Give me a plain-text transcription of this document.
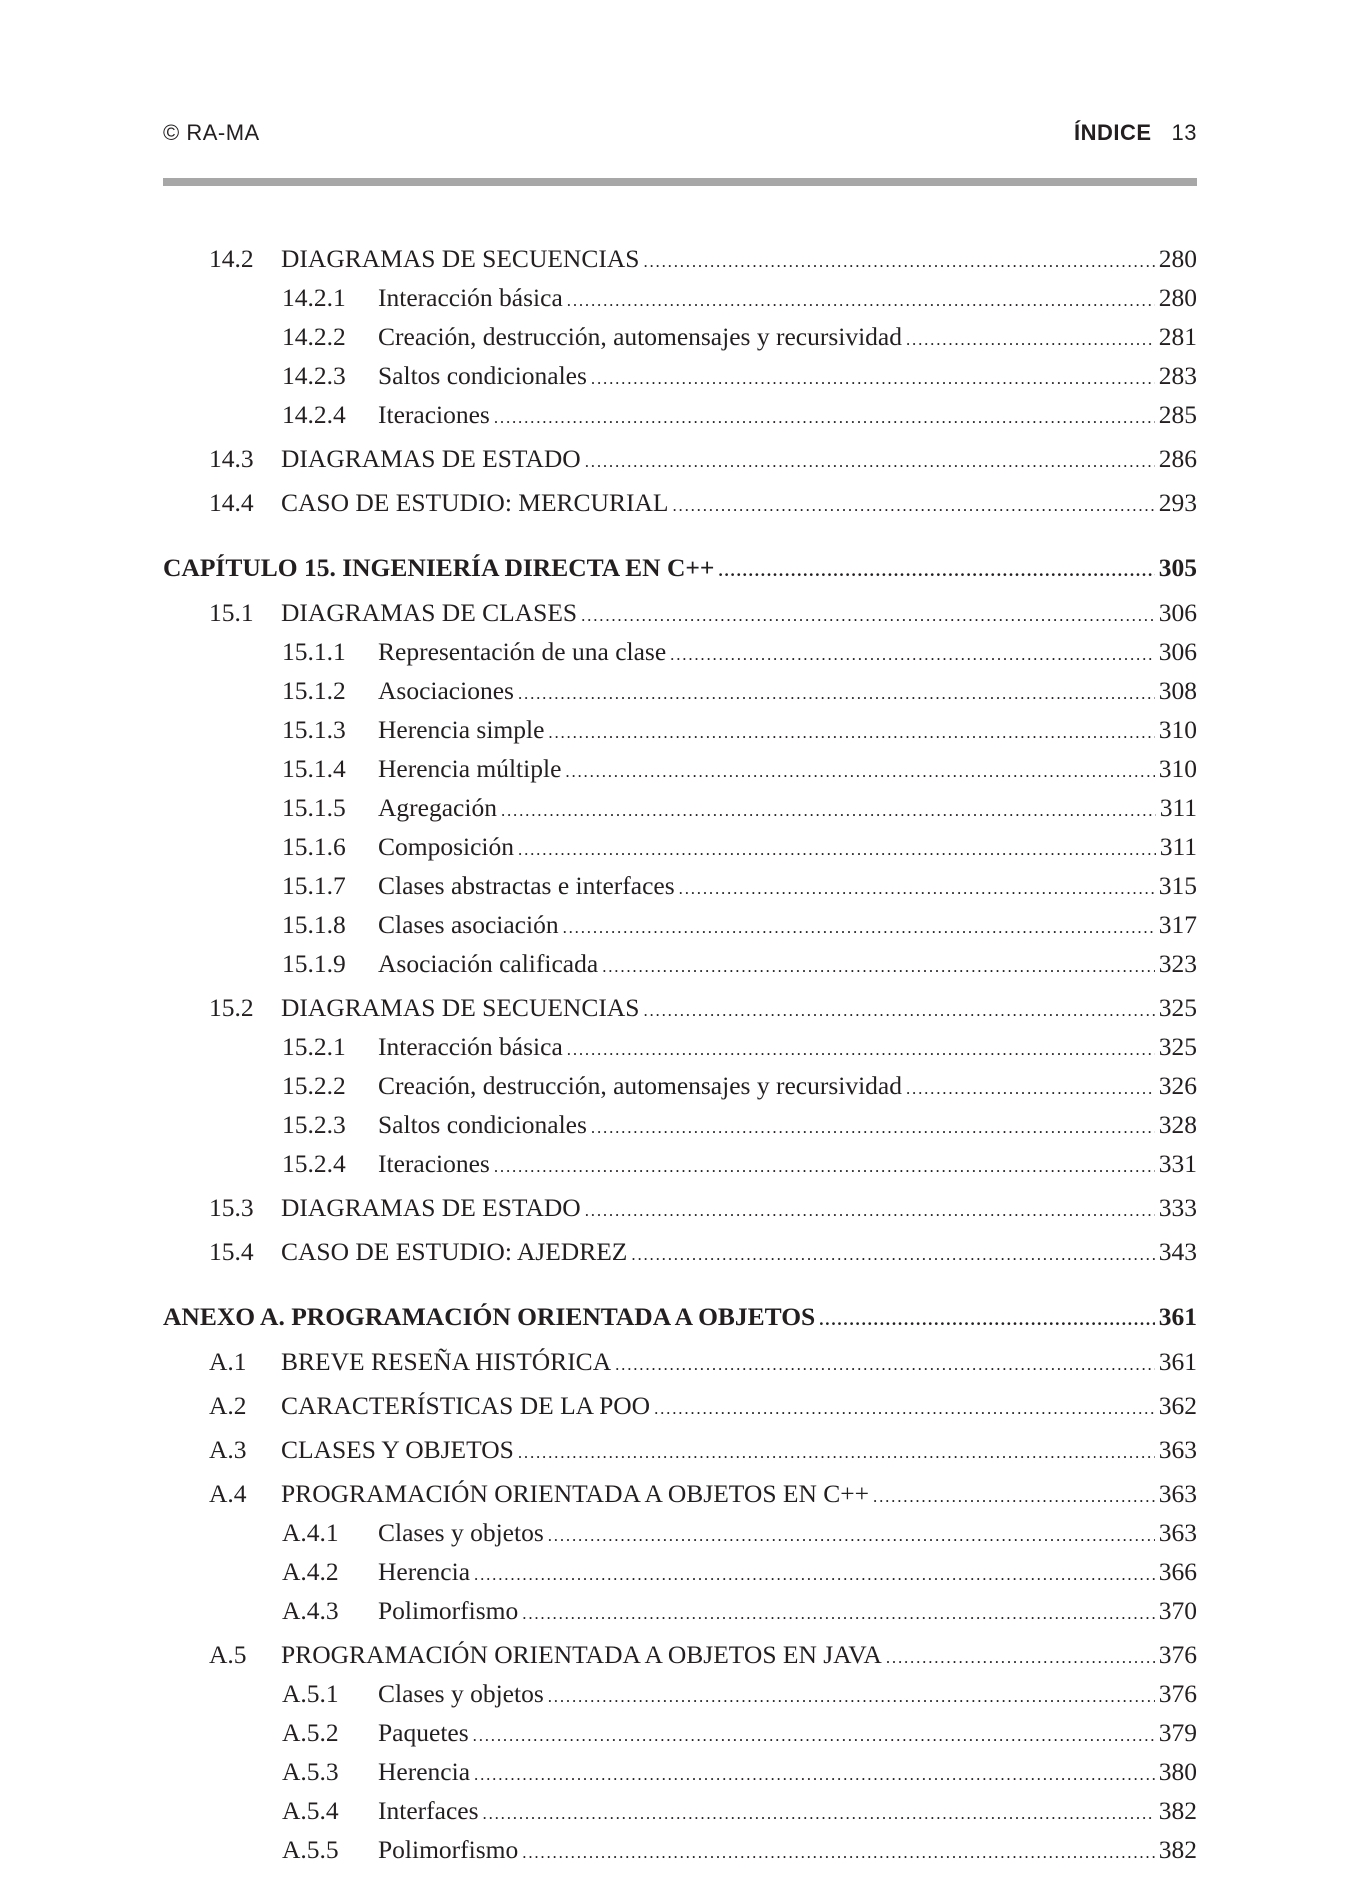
© RA-MA	ÍNDICE 13
14.2	DIAGRAMAS DE SECUENCIAS .....	280
14.2.1	Interacción básica .....	280
14.2.2	Creación, destrucción, automensajes y recursividad .....	281
14.2.3	Saltos condicionales .....	283
14.2.4	Iteraciones .....	285
14.3	DIAGRAMAS DE ESTADO .....	286
14.4	CASO DE ESTUDIO: MERCURIAL .....	293
CAPÍTULO 15. INGENIERÍA DIRECTA EN C++ .....	305
15.1	DIAGRAMAS DE CLASES .....	306
15.1.1	Representación de una clase .....	306
15.1.2	Asociaciones .....	308
15.1.3	Herencia simple .....	310
15.1.4	Herencia múltiple .....	310
15.1.5	Agregación .....	311
15.1.6	Composición .....	311
15.1.7	Clases abstractas e interfaces .....	315
15.1.8	Clases asociación .....	317
15.1.9	Asociación calificada .....	323
15.2	DIAGRAMAS DE SECUENCIAS .....	325
15.2.1	Interacción básica .....	325
15.2.2	Creación, destrucción, automensajes y recursividad .....	326
15.2.3	Saltos condicionales .....	328
15.2.4	Iteraciones .....	331
15.3	DIAGRAMAS DE ESTADO .....	333
15.4	CASO DE ESTUDIO: AJEDREZ .....	343
ANEXO A. PROGRAMACIÓN ORIENTADA A OBJETOS .....	361
A.1	BREVE RESEÑA HISTÓRICA .....	361
A.2	CARACTERÍSTICAS DE LA POO .....	362
A.3	CLASES Y OBJETOS .....	363
A.4	PROGRAMACIÓN ORIENTADA A OBJETOS EN C++ .....	363
A.4.1	Clases y objetos .....	363
A.4.2	Herencia .....	366
A.4.3	Polimorfismo .....	370
A.5	PROGRAMACIÓN ORIENTADA A OBJETOS EN JAVA .....	376
A.5.1	Clases y objetos .....	376
A.5.2	Paquetes .....	379
A.5.3	Herencia .....	380
A.5.4	Interfaces .....	382
A.5.5	Polimorfismo .....	382
